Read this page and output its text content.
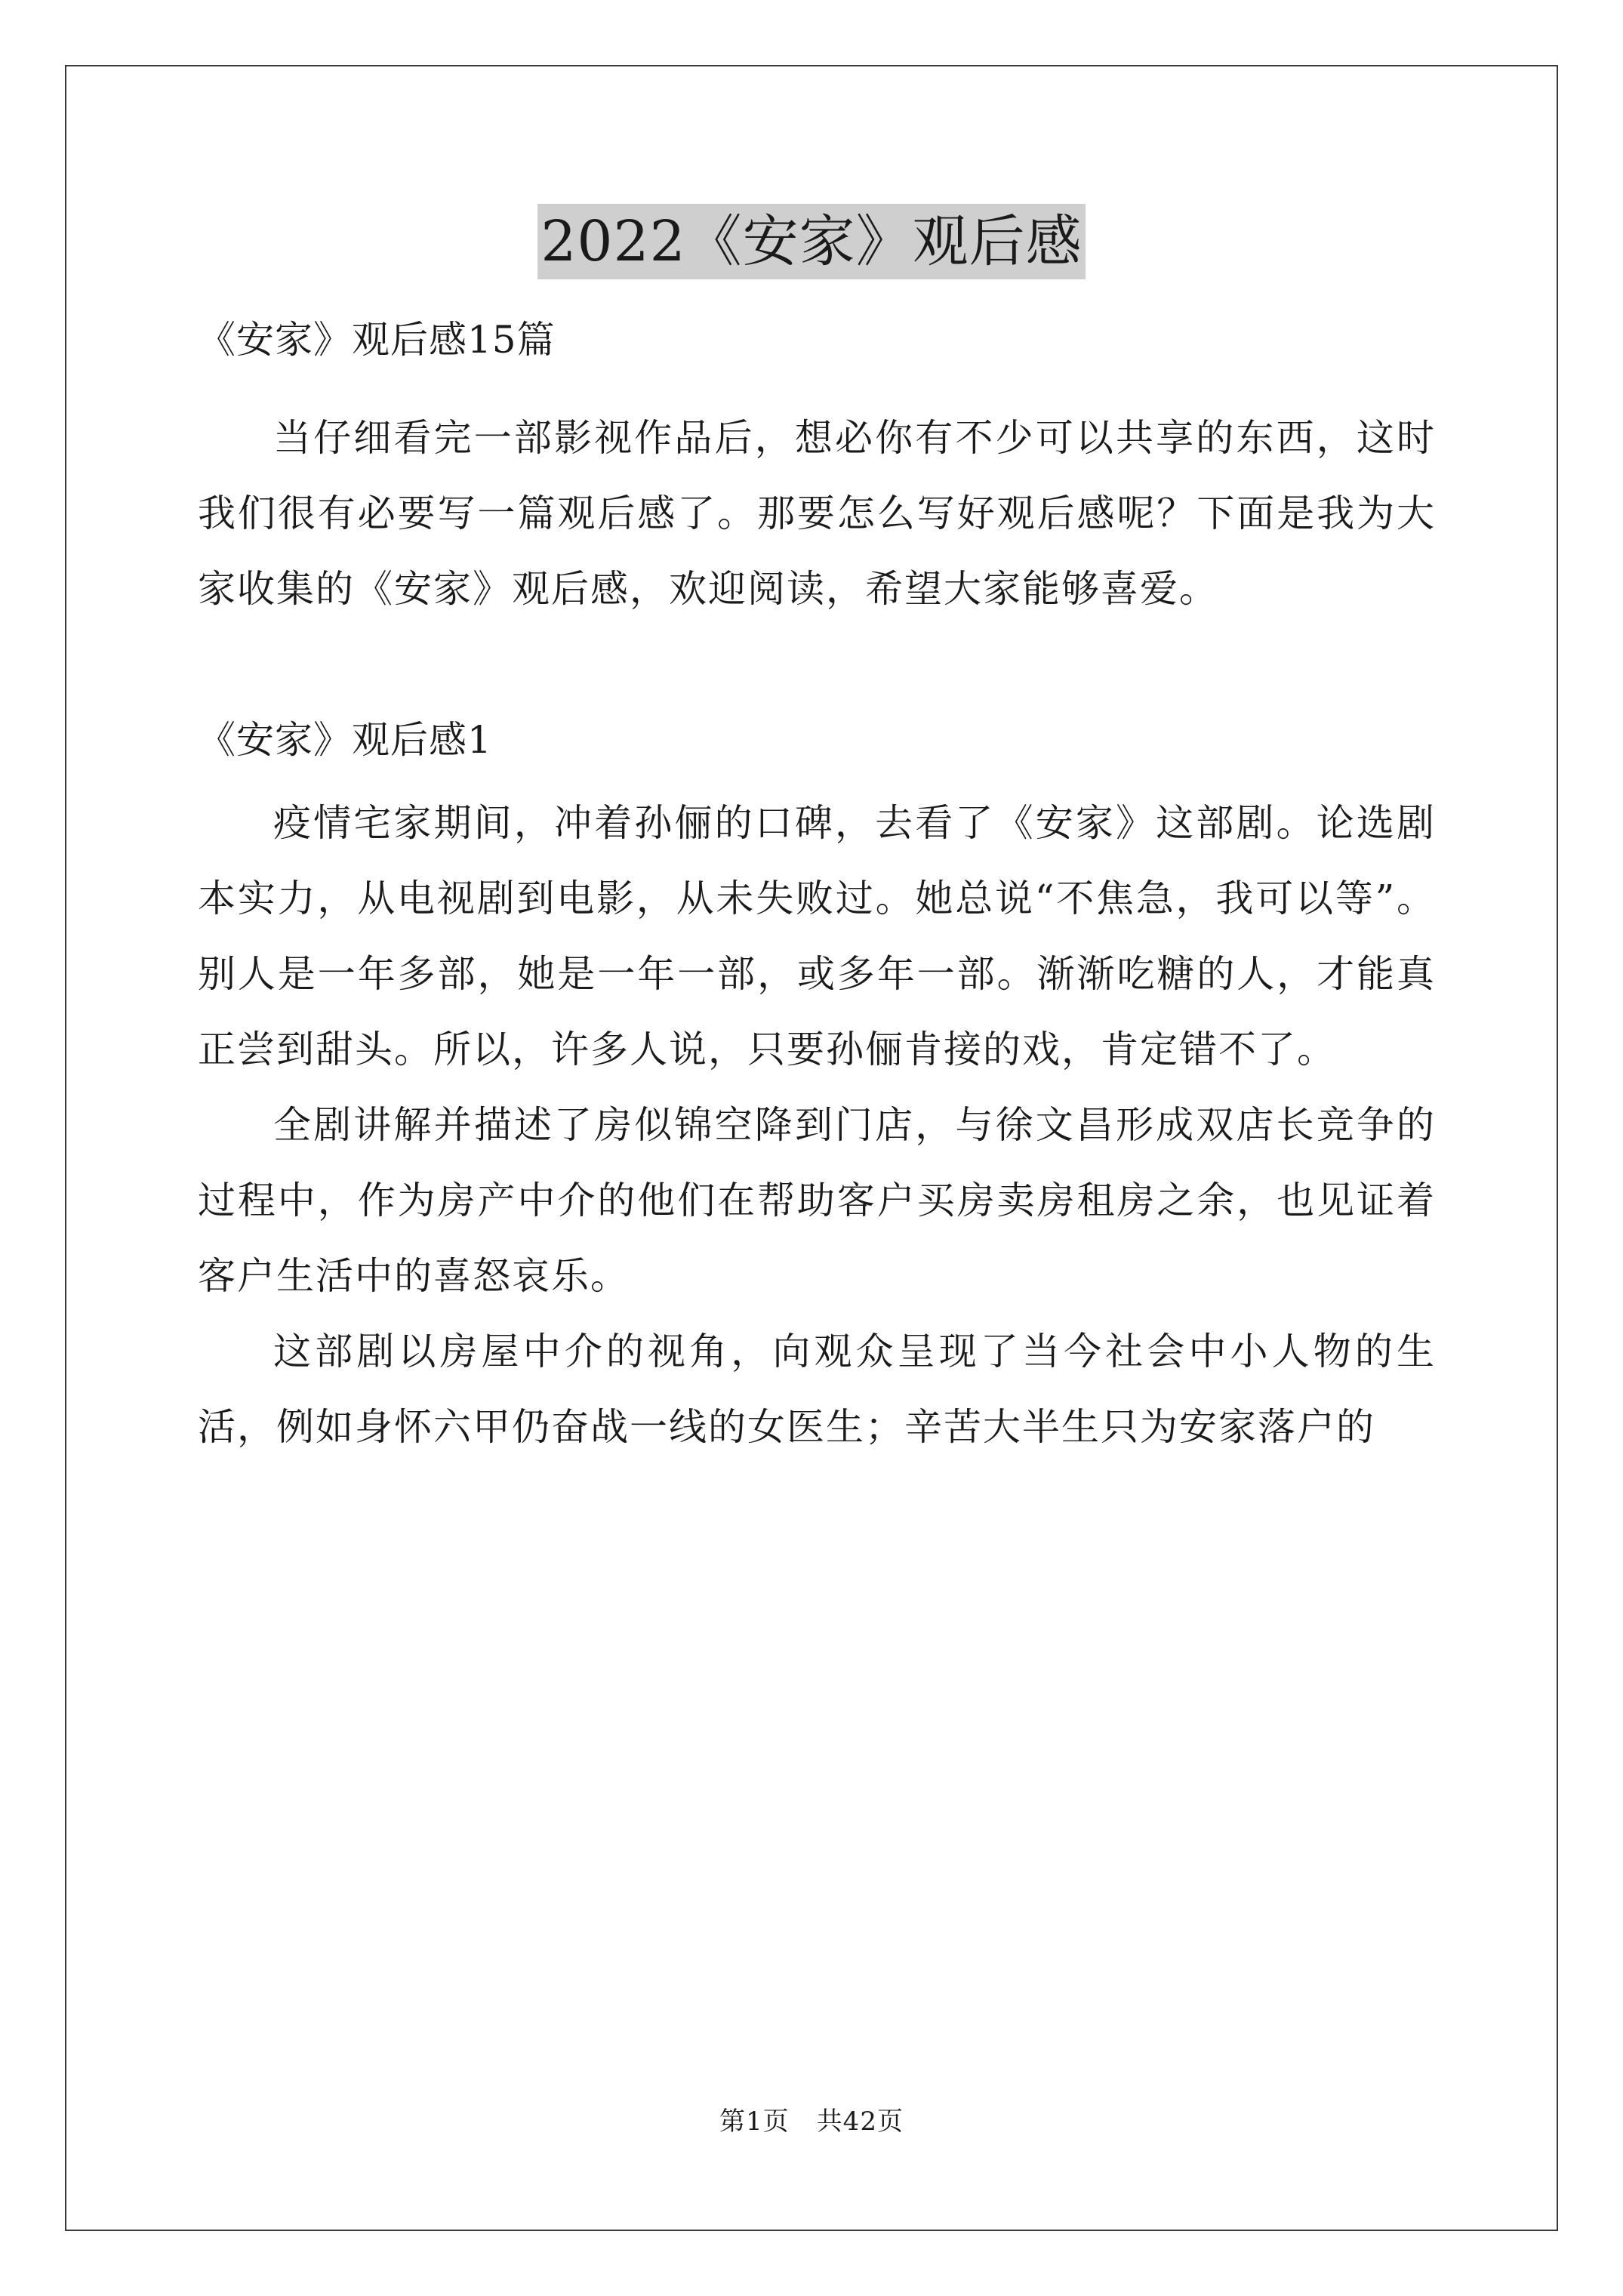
2022《安家》观后感

《安家》观后感15篇

当仔细看完一部影视作品后，想必你有不少可以共享的东西，这时我们很有必要写一篇观后感了。那要怎么写好观后感呢？下面是我为大家收集的《安家》观后感，欢迎阅读，希望大家能够喜爱。

《安家》观后感1

疫情宅家期间，冲着孙俪的口碑，去看了《安家》这部剧。论选剧本实力，从电视剧到电影，从未失败过。她总说“不焦急，我可以等”。别人是一年多部，她是一年一部，或多年一部。渐渐吃糖的人，才能真正尝到甜头。所以，许多人说，只要孙俪肯接的戏，肯定错不了。

全剧讲解并描述了房似锦空降到门店，与徐文昌形成双店长竞争的过程中，作为房产中介的他们在帮助客户买房卖房租房之余，也见证着客户生活中的喜怒哀乐。

这部剧以房屋中介的视角，向观众呈现了当今社会中小人物的生活，例如身怀六甲仍奋战一线的女医生；辛苦大半生只为安家落户的

第1页 共42页
